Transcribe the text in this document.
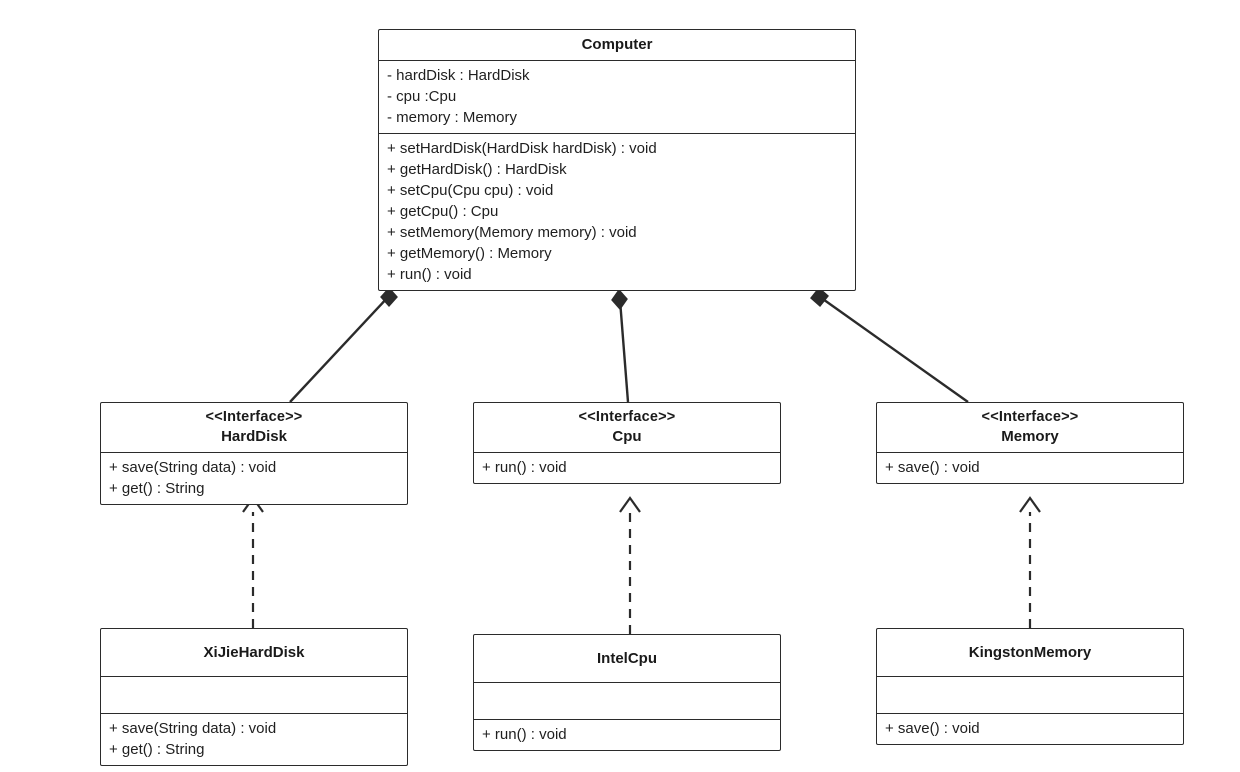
Computer
- hardDisk : HardDisk
- cpu :Cpu
- memory : Memory
+ setHardDisk(HardDisk hardDisk) : void
+ getHardDisk() : HardDisk
+ setCpu(Cpu cpu) : void
+ getCpu() : Cpu
+ setMemory(Memory memory) : void
+ getMemory() : Memory
+ run() : void
<<Interface>>
HardDisk
+ save(String data) : void
+ get() : String
<<Interface>>
Cpu
+ run() : void
<<Interface>>
Memory
+ save() : void
XiJieHardDisk
+ save(String data) : void
+ get() : String
IntelCpu
+ run() : void
KingstonMemory
+ save() : void
